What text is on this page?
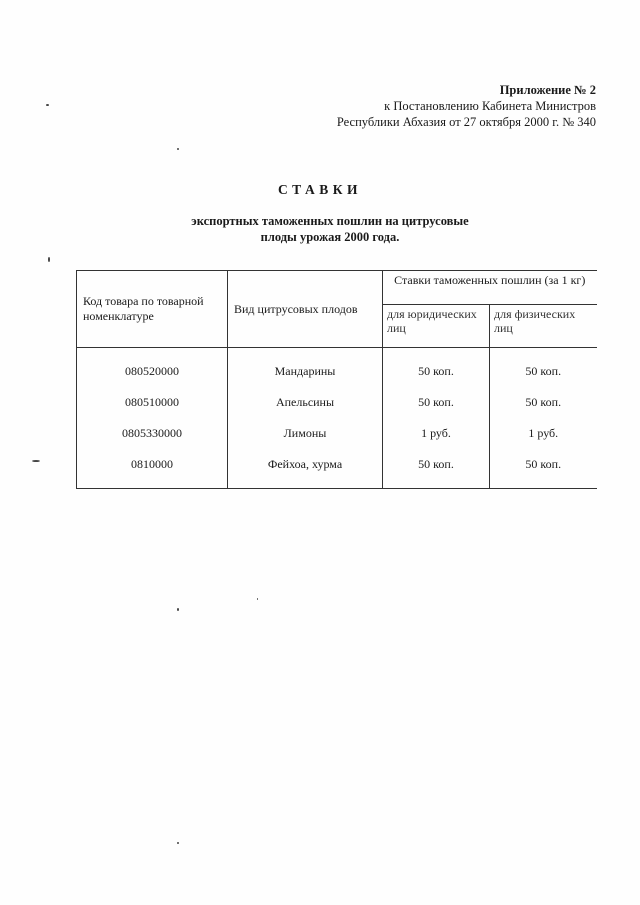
Приложение № 2
к Постановлению Кабинета Министров
Республики Абхазия от 27 октября 2000 г. № 340
СТАВКИ
экспортных таможенных пошлин на цитрусовые
плоды урожая 2000 года.
Код товара по товарной номенклатуре	Вид цитрусовых плодов	Ставки таможенных пошлин (за 1 кг)	
		для юридических лиц	для физических лиц
080520000	Мандарины	50 коп.	50 коп.
080510000	Апельсины	50 коп.	50 коп.
0805330000	Лимоны	1 руб.	1 руб.
0810000	Фейхоа, хурма	50 коп.	50 коп.
